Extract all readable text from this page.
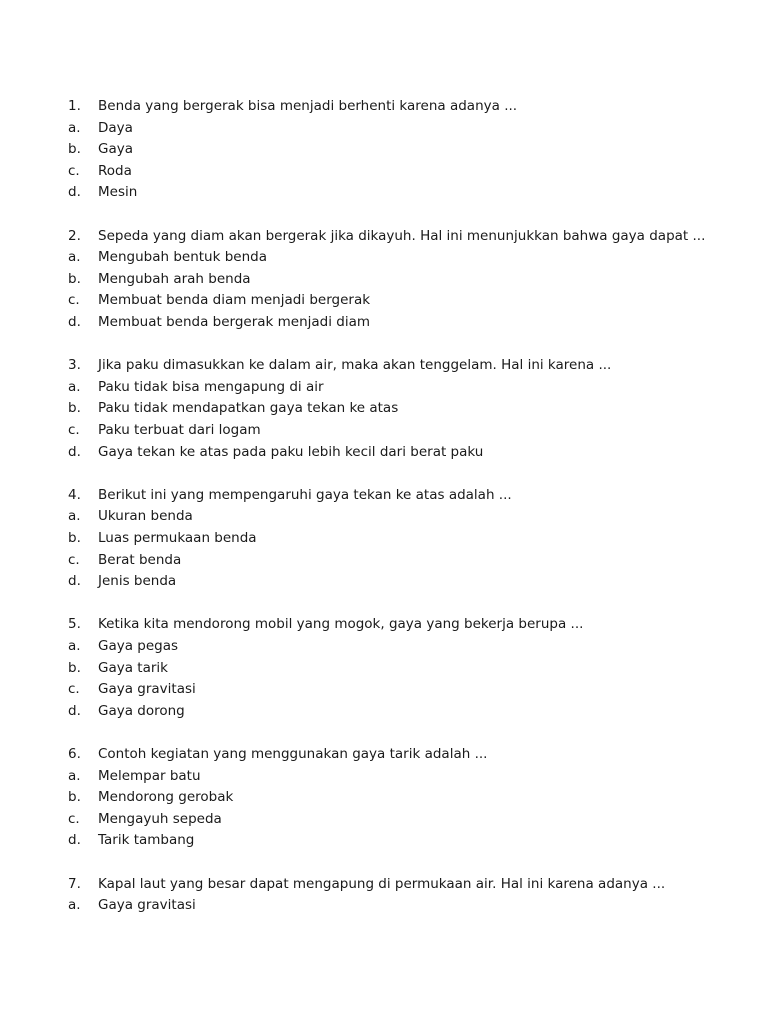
1. Benda yang bergerak bisa menjadi berhenti karena adanya ...
a. Daya
b. Gaya
c. Roda
d. Mesin
2. Sepeda yang diam akan bergerak jika dikayuh. Hal ini menunjukkan bahwa gaya dapat ...
a. Mengubah bentuk benda
b. Mengubah arah benda
c. Membuat benda diam menjadi bergerak
d. Membuat benda bergerak menjadi diam
3. Jika paku dimasukkan ke dalam air, maka akan tenggelam. Hal ini karena ...
a. Paku tidak bisa mengapung di air
b. Paku tidak mendapatkan gaya tekan ke atas
c. Paku terbuat dari logam
d. Gaya tekan ke atas pada paku lebih kecil dari berat paku
4. Berikut ini yang mempengaruhi gaya tekan ke atas adalah ...
a. Ukuran benda
b. Luas permukaan benda
c. Berat benda
d. Jenis benda
5. Ketika kita mendorong mobil yang mogok, gaya yang bekerja berupa ...
a. Gaya pegas
b. Gaya tarik
c. Gaya gravitasi
d. Gaya dorong
6. Contoh kegiatan yang menggunakan gaya tarik adalah ...
a. Melempar batu
b. Mendorong gerobak
c. Mengayuh sepeda
d. Tarik tambang
7. Kapal laut yang besar dapat mengapung di permukaan air. Hal ini karena adanya ...
a. Gaya gravitasi
